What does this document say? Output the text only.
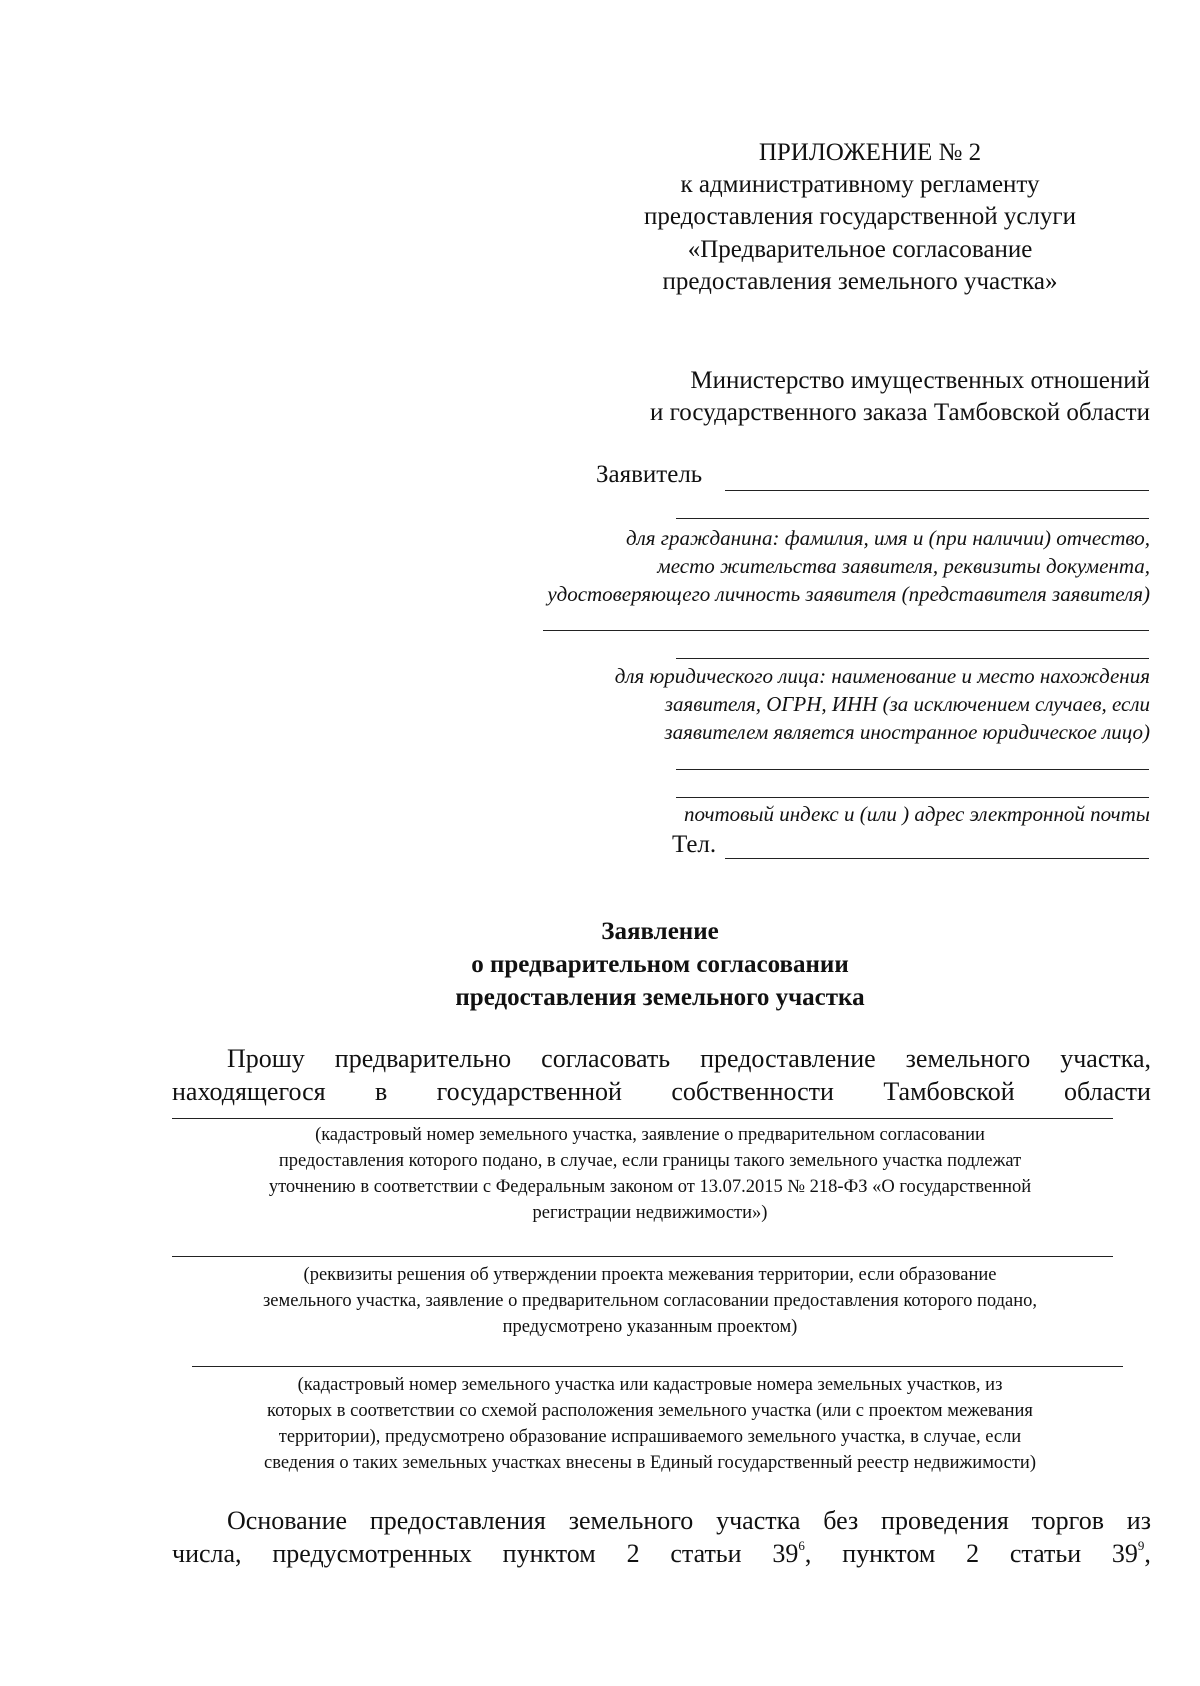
ПРИЛОЖЕНИЕ № 2
к административному регламенту
предоставления государственной услуги
«Предварительное согласование
предоставления земельного участка»
Министерство имущественных отношений
и государственного заказа Тамбовской области
Заявитель
для гражданина: фамилия, имя и (при наличии) отчество,
место жительства заявителя, реквизиты документа,
удостоверяющего личность заявителя (представителя заявителя)
для юридического лица: наименование и место нахождения
заявителя, ОГРН, ИНН (за исключением случаев, если
заявителем является иностранное юридическое лицо)
почтовый индекс и (или ) адрес электронной почты
Тел.
Заявление
о предварительном согласовании
предоставления земельного участка
Прошу предварительно согласовать предоставление земельного участка,
находящегося в государственной собственности Тамбовской области
(кадастровый номер земельного участка, заявление о предварительном согласовании
предоставления которого подано, в случае, если границы такого земельного участка подлежат
уточнению в соответствии с Федеральным законом от 13.07.2015 № 218-ФЗ «О государственной
регистрации недвижимости»)
(реквизиты решения об утверждении проекта межевания территории, если образование
земельного участка, заявление о предварительном согласовании предоставления которого подано,
предусмотрено указанным проектом)
(кадастровый номер земельного участка или кадастровые номера земельных участков, из
которых в соответствии со схемой расположения земельного участка (или с проектом межевания
территории), предусмотрено образование испрашиваемого земельного участка, в случае, если
сведения о таких земельных участках внесены в Единый государственный реестр недвижимости)
Основание предоставления земельного участка без проведения торгов из
числа, предусмотренных пунктом 2 статьи $39^6$, пунктом 2 статьи $39^9$,
